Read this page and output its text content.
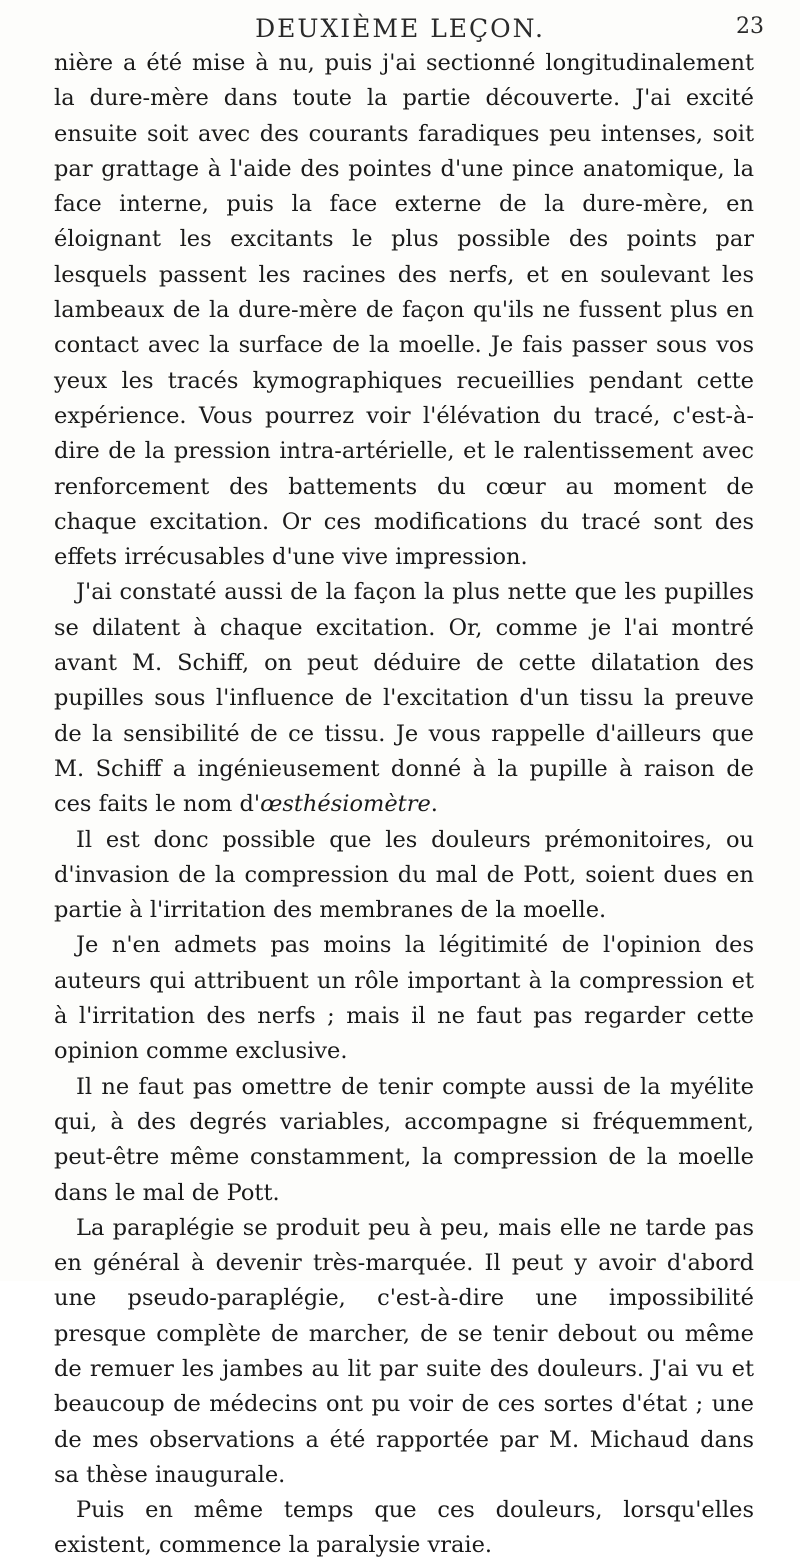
DEUXIÈME LEÇON.	23

nière a été mise à nu, puis j'ai sectionné longitudinalement la dure-mère dans toute la partie découverte. J'ai excité ensuite soit avec des courants faradiques peu intenses, soit par grattage à l'aide des pointes d'une pince anatomique, la face interne, puis la face externe de la dure-mère, en éloignant les excitants le plus possible des points par lesquels passent les racines des nerfs, et en soulevant les lambeaux de la dure-mère de façon qu'ils ne fussent plus en contact avec la surface de la moelle. Je fais passer sous vos yeux les tracés kymographiques recueillies pendant cette expérience. Vous pourrez voir l'élévation du tracé, c'est-à-dire de la pression intra-artérielle, et le ralentissement avec renforcement des battements du cœur au moment de chaque excitation. Or ces modifications du tracé sont des effets irrécusables d'une vive impression.

J'ai constaté aussi de la façon la plus nette que les pupilles se dilatent à chaque excitation. Or, comme je l'ai montré avant M. Schiff, on peut déduire de cette dilatation des pupilles sous l'influence de l'excitation d'un tissu la preuve de la sensibilité de ce tissu. Je vous rappelle d'ailleurs que M. Schiff a ingénieusement donné à la pupille à raison de ces faits le nom d'œsthésiomètre.

Il est donc possible que les douleurs prémonitoires, ou d'invasion de la compression du mal de Pott, soient dues en partie à l'irritation des membranes de la moelle.

Je n'en admets pas moins la légitimité de l'opinion des auteurs qui attribuent un rôle important à la compression et à l'irritation des nerfs ; mais il ne faut pas regarder cette opinion comme exclusive.

Il ne faut pas omettre de tenir compte aussi de la myélite qui, à des degrés variables, accompagne si fréquemment, peut-être même constamment, la compression de la moelle dans le mal de Pott.

La paraplégie se produit peu à peu, mais elle ne tarde pas en général à devenir très-marquée. Il peut y avoir d'abord une pseudo-paraplégie, c'est-à-dire une impossibilité presque complète de marcher, de se tenir debout ou même de remuer les jambes au lit par suite des douleurs. J'ai vu et beaucoup de médecins ont pu voir de ces sortes d'état ; une de mes observations a été rapportée par M. Michaud dans sa thèse inaugurale.

Puis en même temps que ces douleurs, lorsqu'elles existent, commence la paralysie vraie.
